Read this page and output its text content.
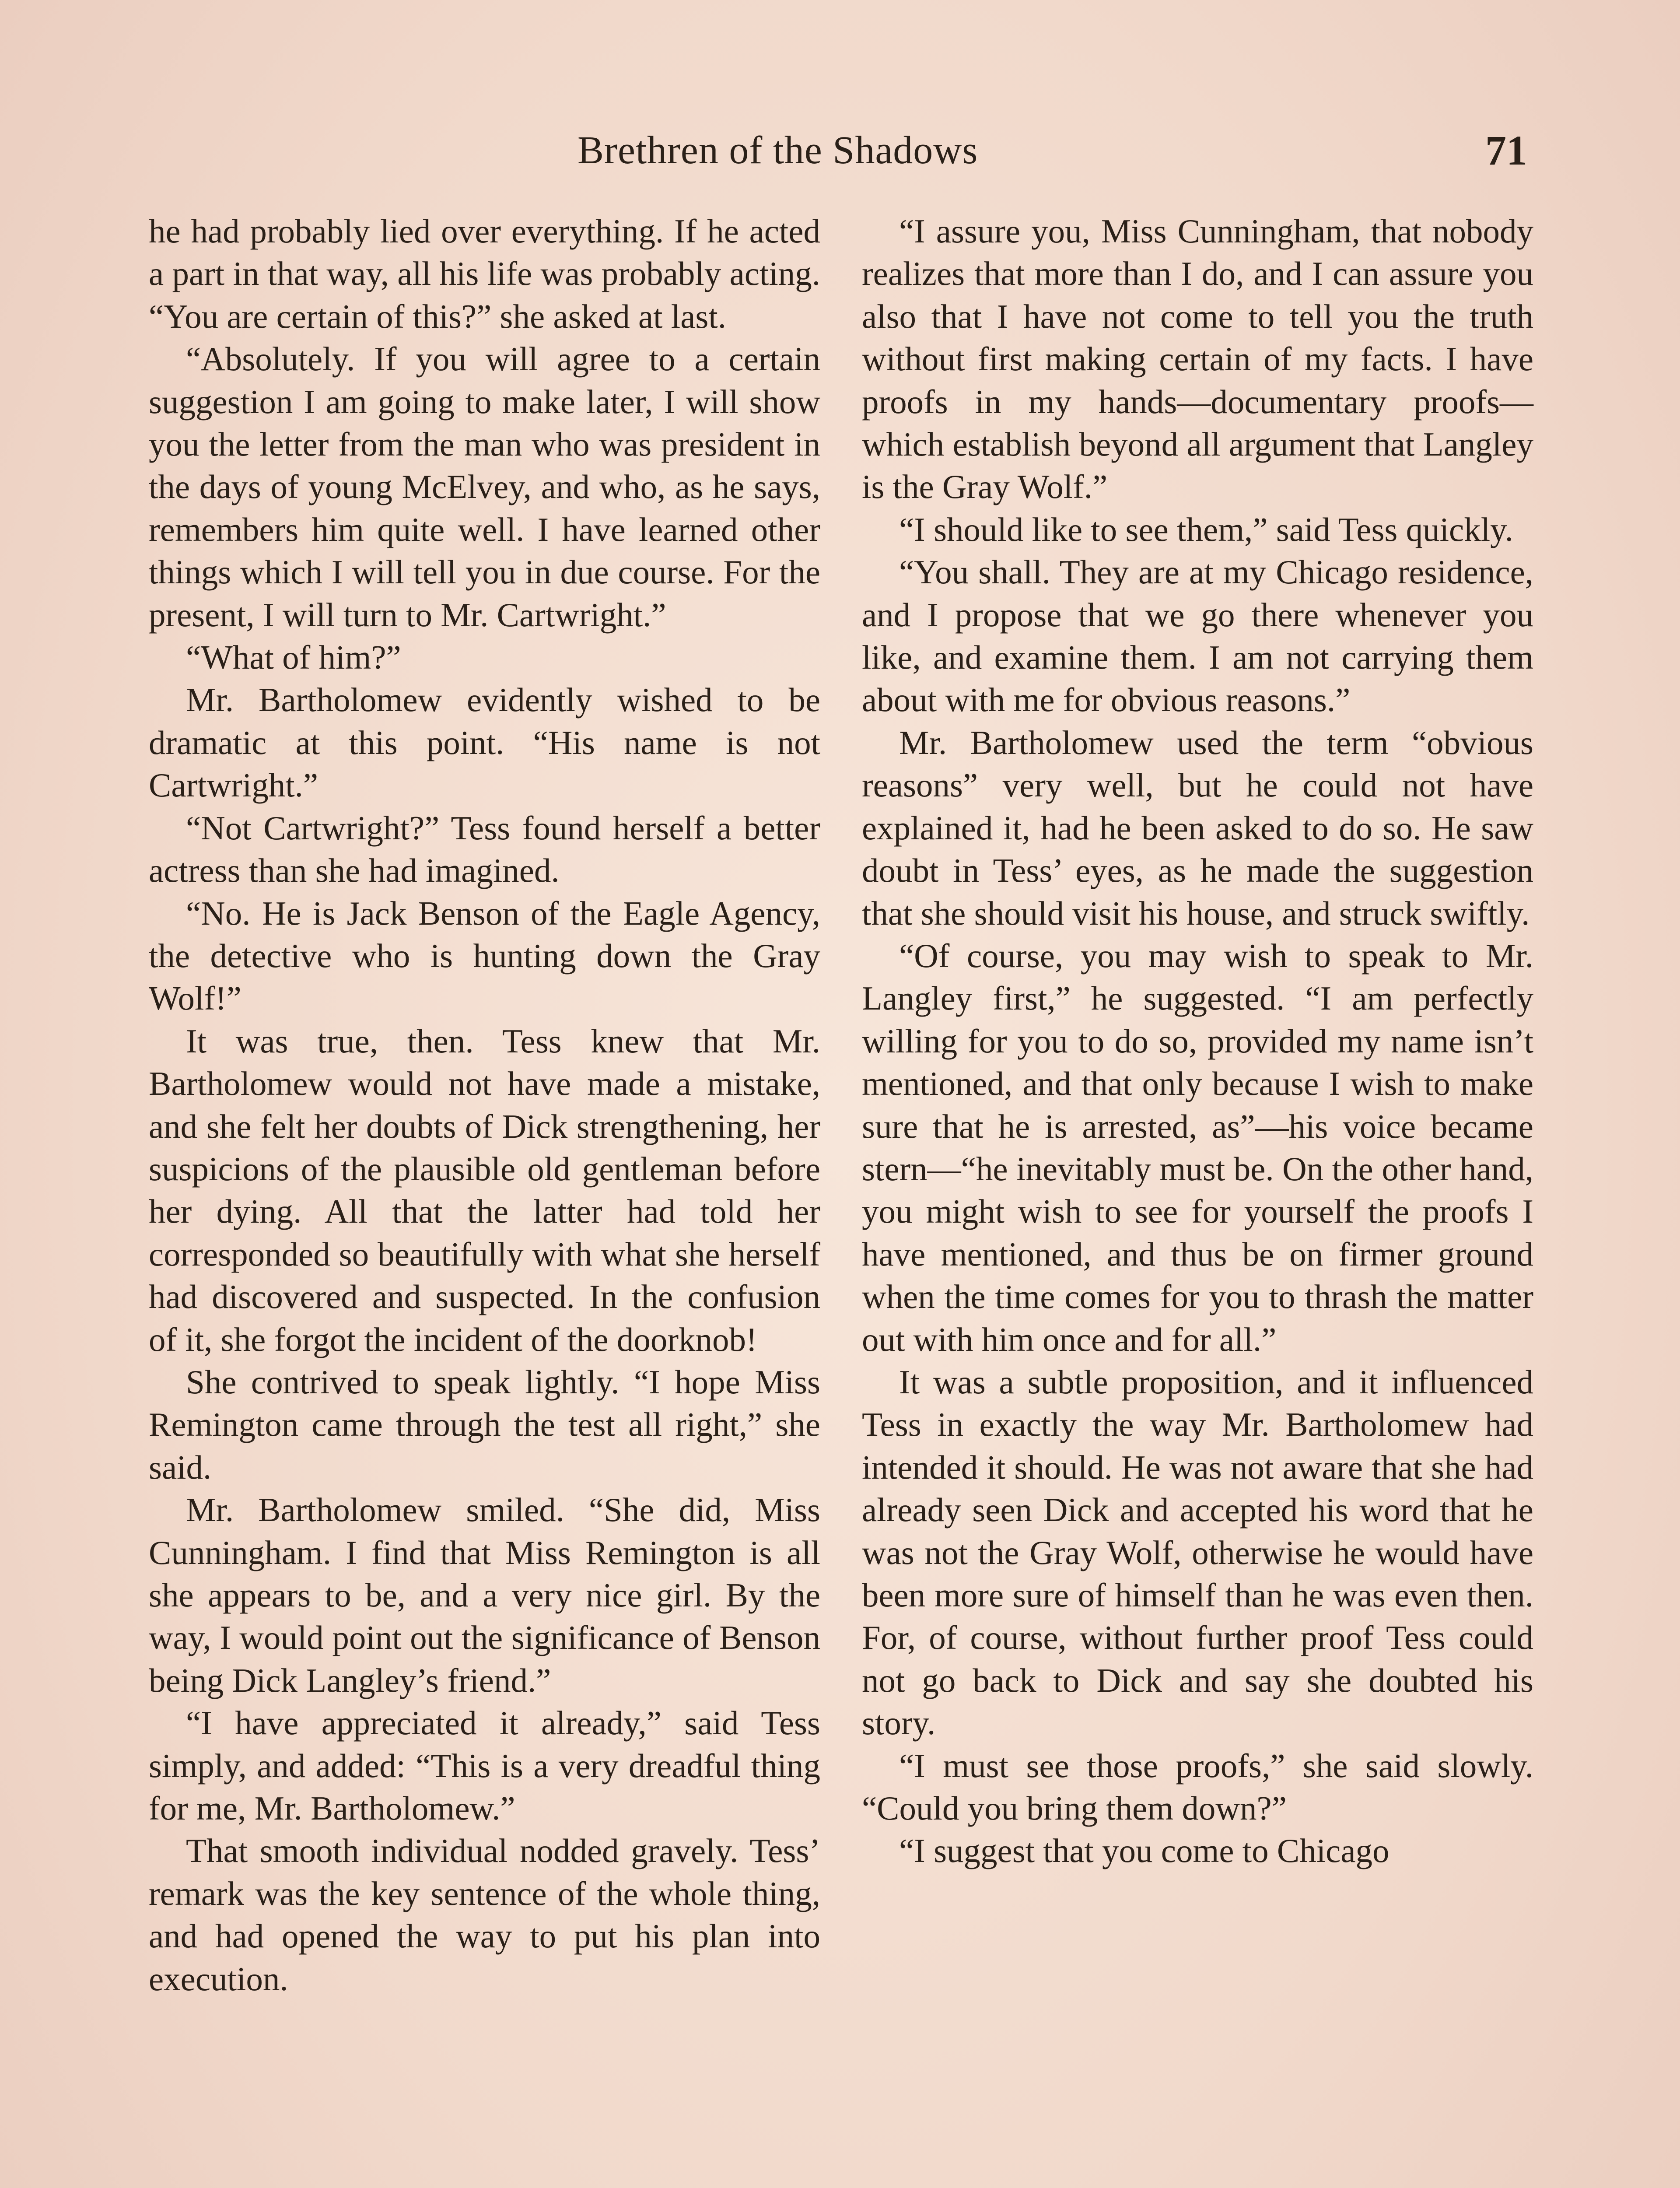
Brethren of the Shadows	71

he had probably lied over everything. If he acted a part in that way, all his life was probably acting. “You are certain of this?” she asked at last.

“Absolutely. If you will agree to a certain suggestion I am going to make later, I will show you the letter from the man who was president in the days of young McElvey, and who, as he says, remembers him quite well. I have learned other things which I will tell you in due course. For the present, I will turn to Mr. Cartwright.”

“What of him?”

Mr. Bartholomew evidently wished to be dramatic at this point. “His name is not Cartwright.”

“Not Cartwright?” Tess found herself a better actress than she had imagined.

“No. He is Jack Benson of the Eagle Agency, the detective who is hunting down the Gray Wolf!”

It was true, then. Tess knew that Mr. Bartholomew would not have made a mistake, and she felt her doubts of Dick strengthening, her suspicions of the plausible old gentleman before her dying. All that the latter had told her corresponded so beautifully with what she herself had discovered and suspected. In the confusion of it, she forgot the incident of the doorknob!

She contrived to speak lightly. “I hope Miss Remington came through the test all right,” she said.

Mr. Bartholomew smiled. “She did, Miss Cunningham. I find that Miss Remington is all she appears to be, and a very nice girl. By the way, I would point out the significance of Benson being Dick Langley’s friend.”

“I have appreciated it already,” said Tess simply, and added: “This is a very dreadful thing for me, Mr. Bartholomew.”

That smooth individual nodded gravely. Tess’ remark was the key sentence of the whole thing, and had opened the way to put his plan into execution.

“I assure you, Miss Cunningham, that nobody realizes that more than I do, and I can assure you also that I have not come to tell you the truth without first making certain of my facts. I have proofs in my hands—documentary proofs—which establish beyond all argument that Langley is the Gray Wolf.”

“I should like to see them,” said Tess quickly.

“You shall. They are at my Chicago residence, and I propose that we go there whenever you like, and examine them. I am not carrying them about with me for obvious reasons.”

Mr. Bartholomew used the term “obvious reasons” very well, but he could not have explained it, had he been asked to do so. He saw doubt in Tess’ eyes, as he made the suggestion that she should visit his house, and struck swiftly.

“Of course, you may wish to speak to Mr. Langley first,” he suggested. “I am perfectly willing for you to do so, provided my name isn’t mentioned, and that only because I wish to make sure that he is arrested, as”—his voice became stern—“he inevitably must be. On the other hand, you might wish to see for yourself the proofs I have mentioned, and thus be on firmer ground when the time comes for you to thrash the matter out with him once and for all.”

It was a subtle proposition, and it influenced Tess in exactly the way Mr. Bartholomew had intended it should. He was not aware that she had already seen Dick and accepted his word that he was not the Gray Wolf, otherwise he would have been more sure of himself than he was even then. For, of course, without further proof Tess could not go back to Dick and say she doubted his story.

“I must see those proofs,” she said slowly. “Could you bring them down?”

“I suggest that you come to Chicago
